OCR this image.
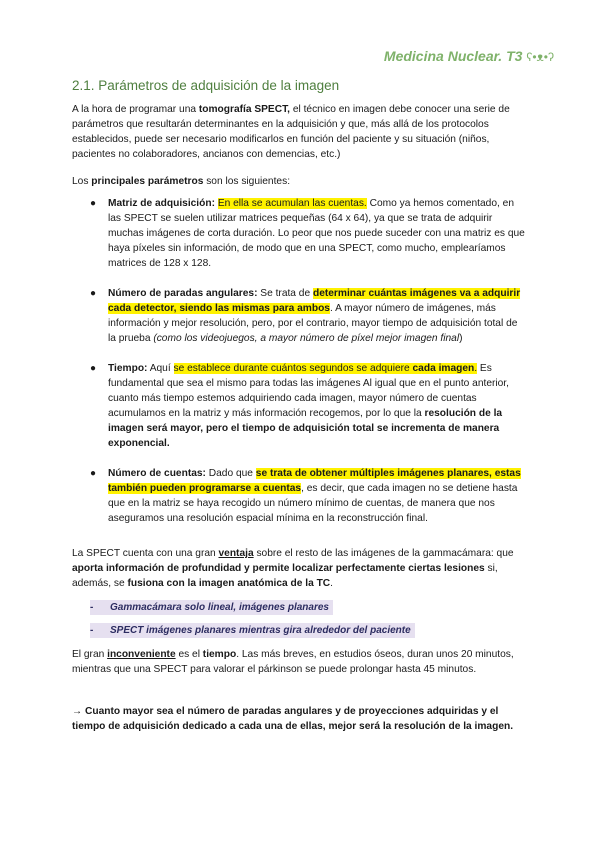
Medicina Nuclear. T3 ʕ•ᴥ•ʔ
2.1. Parámetros de adquisición de la imagen

A la hora de programar una tomografía SPECT, el técnico en imagen debe conocer una serie de parámetros que resultarán determinantes en la adquisición y que, más allá de los protocolos establecidos, puede ser necesario modificarlos en función del paciente y su situación (niños, pacientes no colaboradores, ancianos con demencias, etc.)

Los principales parámetros son los siguientes:

● Matriz de adquisición: En ella se acumulan las cuentas. Como ya hemos comentado, en las SPECT se suelen utilizar matrices pequeñas (64 x 64), ya que se trata de adquirir muchas imágenes de corta duración. Lo peor que nos puede suceder con una matriz es que haya píxeles sin información, de modo que en una SPECT, como mucho, emplearíamos matrices de 128 x 128.
● Número de paradas angulares: Se trata de determinar cuántas imágenes va a adquirir cada detector, siendo las mismas para ambos. A mayor número de imágenes, más información y mejor resolución, pero, por el contrario, mayor tiempo de adquisición total de la prueba (como los videojuegos, a mayor número de píxel mejor imagen final)
● Tiempo: Aquí se establece durante cuántos segundos se adquiere cada imagen. Es fundamental que sea el mismo para todas las imágenes Al igual que en el punto anterior, cuanto más tiempo estemos adquiriendo cada imagen, mayor número de cuentas acumulamos en la matriz y más información recogemos, por lo que la resolución de la imagen será mayor, pero el tiempo de adquisición total se incrementa de manera exponencial.
● Número de cuentas: Dado que se trata de obtener múltiples imágenes planares, estas también pueden programarse a cuentas, es decir, que cada imagen no se detiene hasta que en la matriz se haya recogido un número mínimo de cuentas, de manera que nos aseguramos una resolución espacial mínima en la reconstrucción final.

La SPECT cuenta con una gran ventaja sobre el resto de las imágenes de la gammacámara: que aporta información de profundidad y permite localizar perfectamente ciertas lesiones si, además, se fusiona con la imagen anatómica de la TC.

- Gammacámara solo lineal, imágenes planares
- SPECT imágenes planares mientras gira alrededor del paciente

El gran inconveniente es el tiempo. Las más breves, en estudios óseos, duran unos 20 minutos, mientras que una SPECT para valorar el párkinson se puede prolongar hasta 45 minutos.

→ Cuanto mayor sea el número de paradas angulares y de proyecciones adquiridas y el tiempo de adquisición dedicado a cada una de ellas, mejor será la resolución de la imagen.
